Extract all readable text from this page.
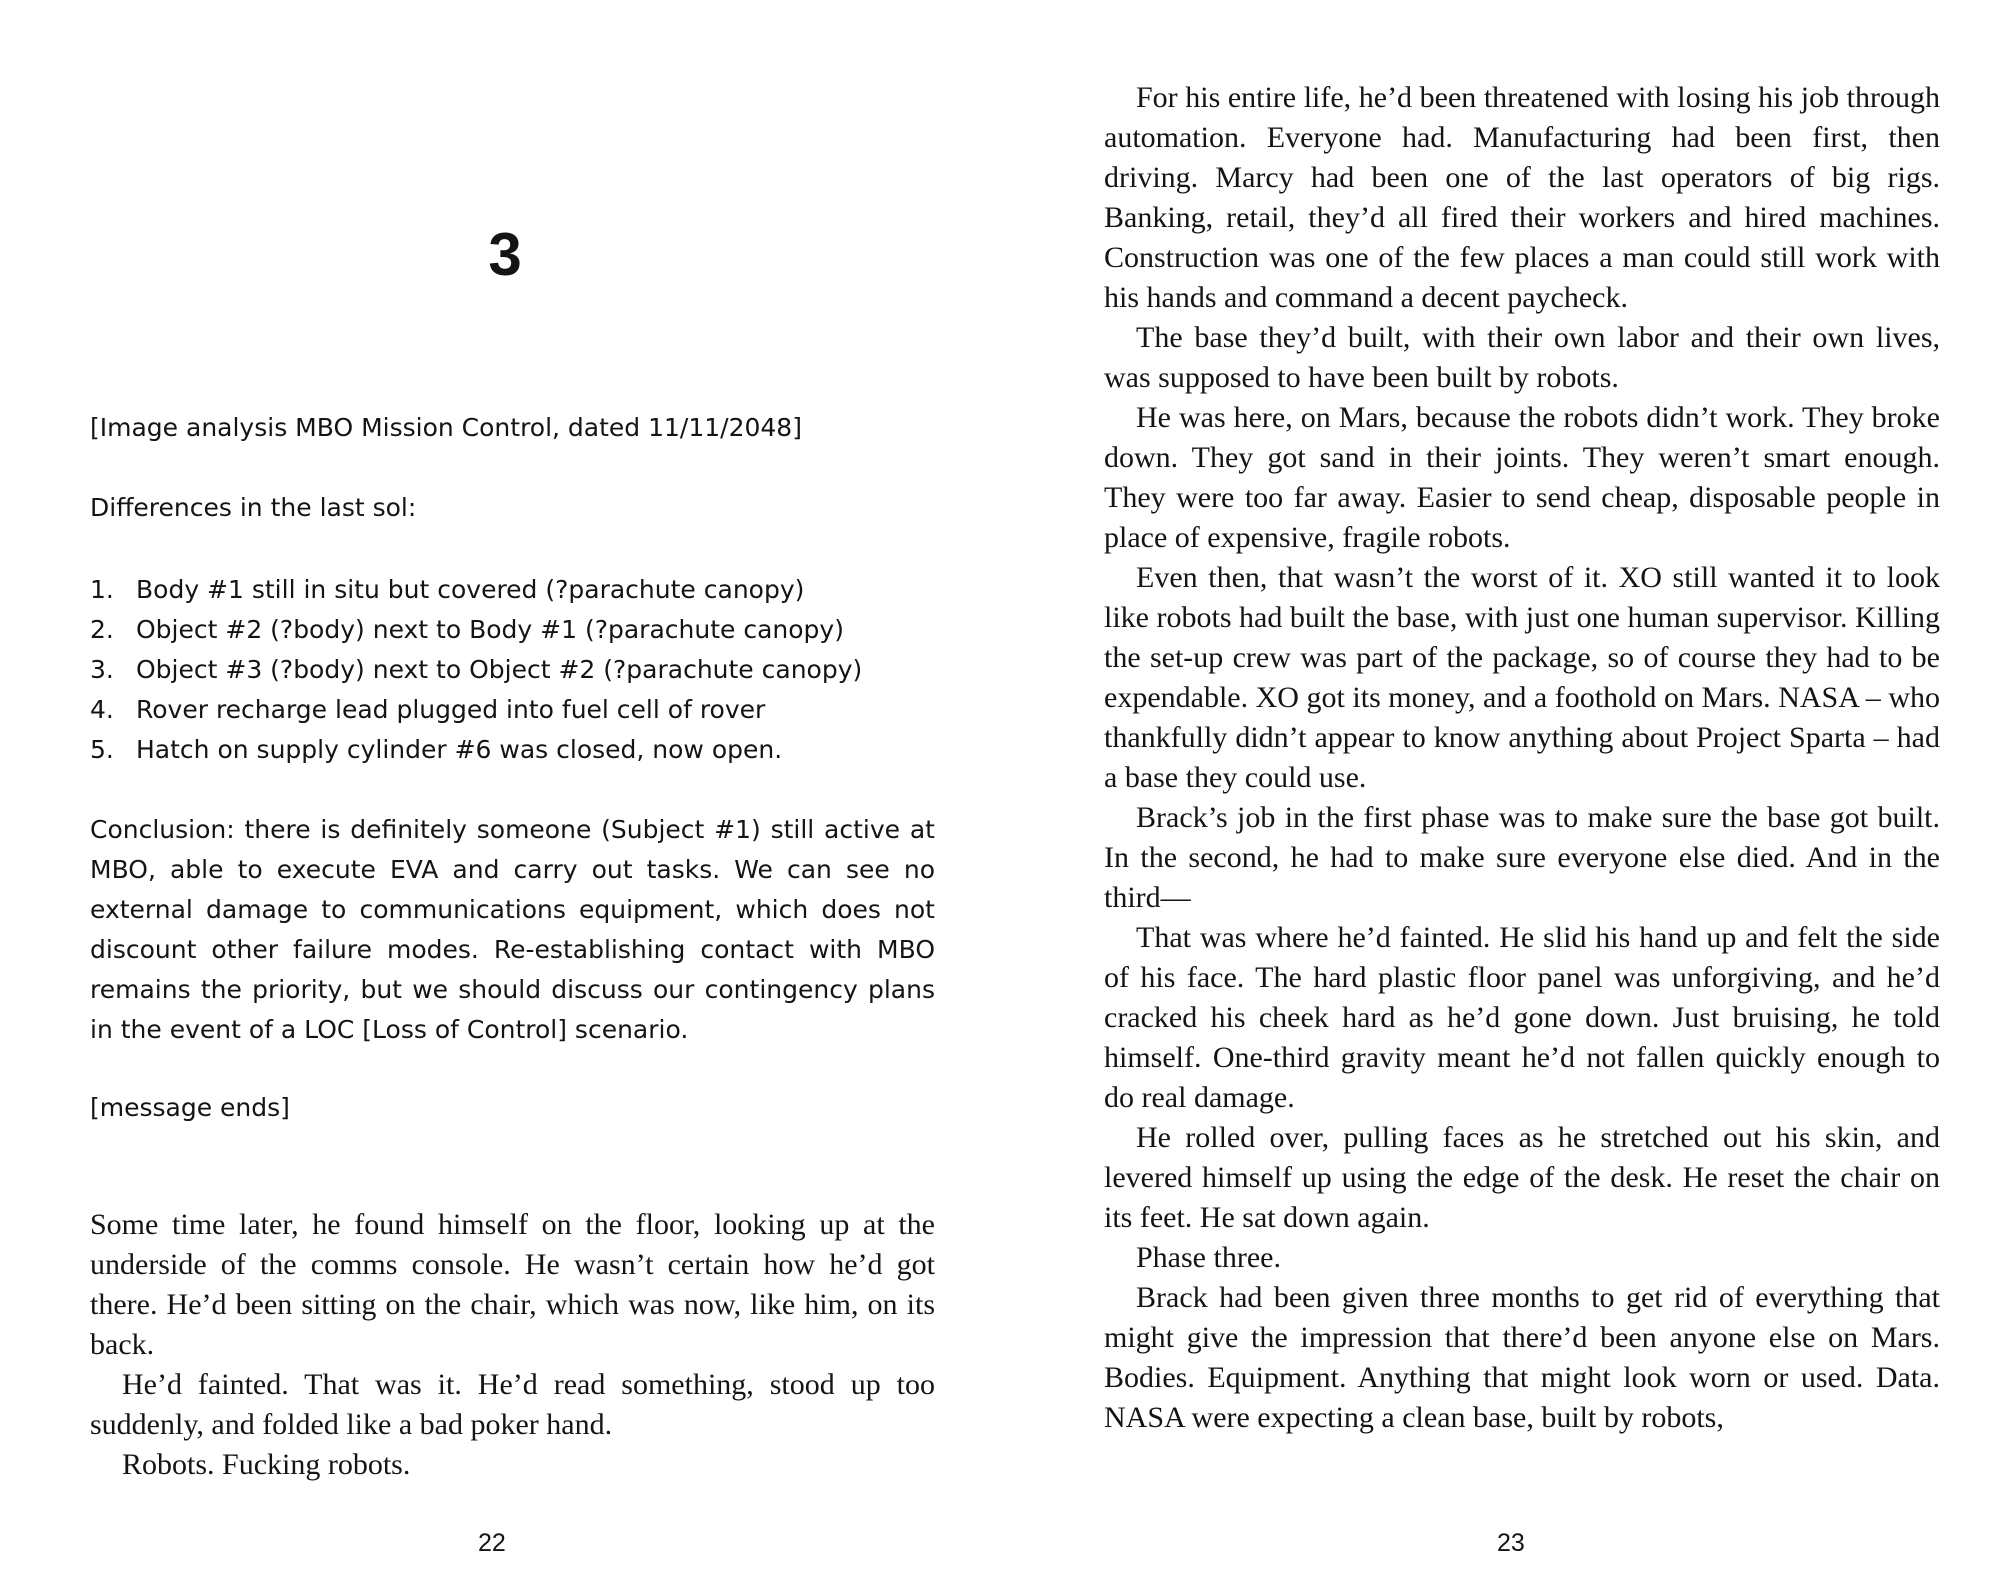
3
[Image analysis MBO Mission Control, dated 11/11/2048]
Differences in the last sol:
1. Body #1 still in situ but covered (?parachute canopy)
2. Object #2 (?body) next to Body #1 (?parachute canopy)
3. Object #3 (?body) next to Object #2 (?parachute canopy)
4. Rover recharge lead plugged into fuel cell of rover
5. Hatch on supply cylinder #6 was closed, now open.
Conclusion: there is definitely someone (Subject #1) still active at MBO, able to execute EVA and carry out tasks. We can see no external damage to communications equipment, which does not discount other failure modes. Re-establishing contact with MBO remains the priority, but we should discuss our contingency plans in the event of a LOC [Loss of Control] scenario.
[message ends]

Some time later, he found himself on the floor, looking up at the underside of the comms console. He wasn’t certain how he’d got there. He’d been sitting on the chair, which was now, like him, on its back.

He’d fainted. That was it. He’d read something, stood up too suddenly, and folded like a bad poker hand.

Robots. Fucking robots.

22

For his entire life, he’d been threatened with losing his job through automation. Everyone had. Manufacturing had been first, then driving. Marcy had been one of the last operators of big rigs. Banking, retail, they’d all fired their workers and hired machines. Construction was one of the few places a man could still work with his hands and command a decent paycheck.

The base they’d built, with their own labor and their own lives, was supposed to have been built by robots.

He was here, on Mars, because the robots didn’t work. They broke down. They got sand in their joints. They weren’t smart enough. They were too far away. Easier to send cheap, disposable people in place of expensive, fragile robots.

Even then, that wasn’t the worst of it. XO still wanted it to look like robots had built the base, with just one human supervisor. Killing the set-up crew was part of the package, so of course they had to be expendable. XO got its money, and a foothold on Mars. NASA – who thankfully didn’t appear to know anything about Project Sparta – had a base they could use.

Brack’s job in the first phase was to make sure the base got built. In the second, he had to make sure everyone else died. And in the third—

That was where he’d fainted. He slid his hand up and felt the side of his face. The hard plastic floor panel was unforgiving, and he’d cracked his cheek hard as he’d gone down. Just bruising, he told himself. One-third gravity meant he’d not fallen quickly enough to do real damage.

He rolled over, pulling faces as he stretched out his skin, and levered himself up using the edge of the desk. He reset the chair on its feet. He sat down again.

Phase three.

Brack had been given three months to get rid of everything that might give the impression that there’d been anyone else on Mars. Bodies. Equipment. Anything that might look worn or used. Data. NASA were expecting a clean base, built by robots,

23
